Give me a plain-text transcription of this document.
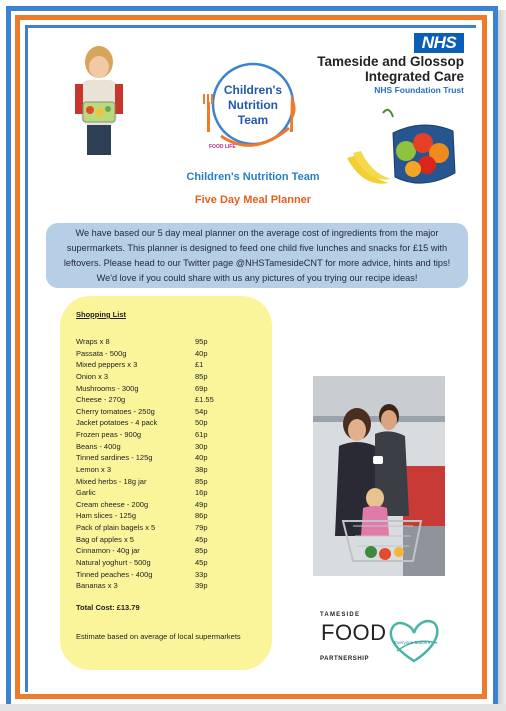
NHS
Tameside and Glossop
Integrated Care
NHS Foundation Trust
Children's
Nutrition
Team
FOOD LIFE
Children's Nutrition Team
Five Day Meal Planner
We have based our 5 day meal planner on the average cost of ingredients from the major supermarkets. This planner is designed to feed one child five lunches and snacks for £15 with leftovers. Please head to our Twitter page @NHSTamesideCNT for more advice, hints and tips! We'd love if you could share with us any pictures of you trying our recipe ideas!
Shopping List
Wraps x 8	95p
Passata - 500g	40p
Mixed peppers x 3	£1
Onion x 3	85p
Mushrooms - 300g	69p
Cheese - 270g	£1.55
Cherry tomatoes - 250g	54p
Jacket potatoes - 4 pack	50p
Frozen peas - 900g	61p
Beans - 400g	30p
Tinned sardines - 125g	40p
Lemon x 3	38p
Mixed herbs - 18g jar	85p
Garlic	16p
Cream cheese - 200g	49p
Ham slices - 125g	86p
Pack of plain bagels x 5	79p
Bag of apples x 5	45p
Cinnamon - 40g jar	85p
Natural yoghurt - 500g	45p
Tinned peaches - 400g	33p
Bananas x 3	39p
Total Cost: £13.79
Estimate based on average of local supermarkets
TAMESIDE
FOOD
PARTNERSHIP
Everyone Matters
